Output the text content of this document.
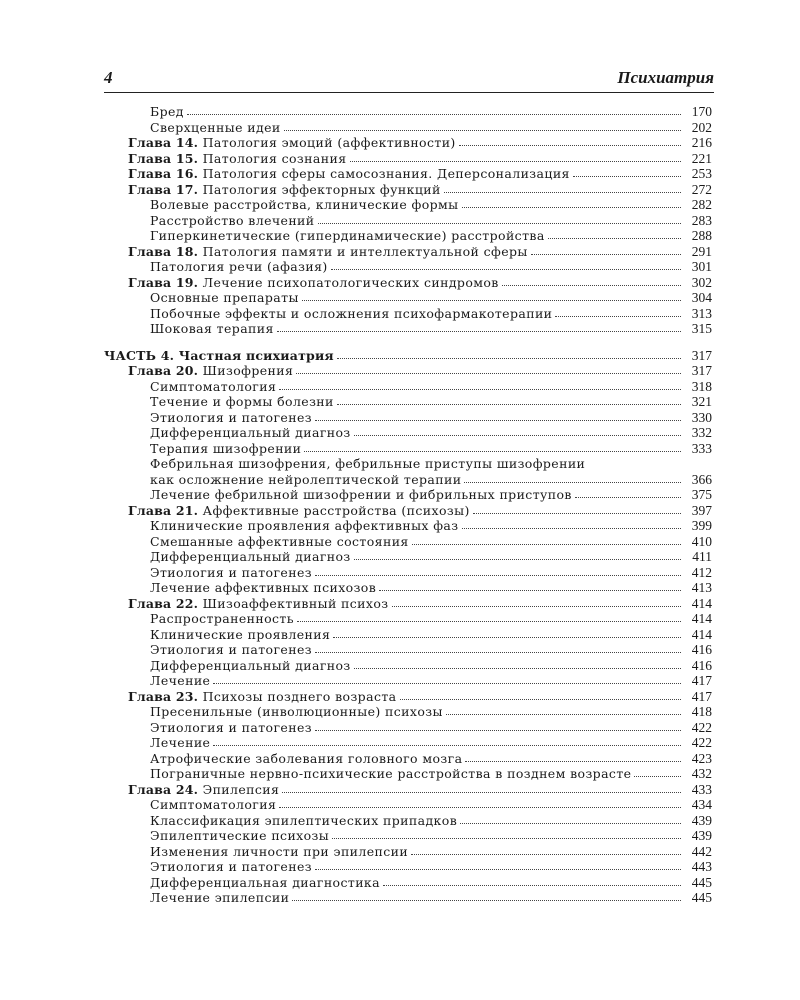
4	Психиатрия
Бред	170
Сверхценные идеи	202
Глава 14. Патология эмоций (аффективности)	216
Глава 15. Патология сознания	221
Глава 16. Патология сферы самосознания. Деперсонализация	253
Глава 17. Патология эффекторных функций	272
Волевые расстройства, клинические формы	282
Расстройство влечений	283
Гиперкинетические (гипердинамические) расстройства	288
Глава 18. Патология памяти и интеллектуальной сферы	291
Патология речи (афазия)	301
Глава 19. Лечение психопатологических синдромов	302
Основные препараты	304
Побочные эффекты и осложнения психофармакотерапии	313
Шоковая терапия	315
ЧАСТЬ 4. Частная психиатрия	317
Глава 20. Шизофрения	317
Симптоматология	318
Течение и формы болезни	321
Этиология и патогенез	330
Дифференциальный диагноз	332
Терапия шизофрении	333
Фебрильная шизофрения, фебрильные приступы шизофрении
как осложнение нейролептической терапии	366
Лечение фебрильной шизофрении и фибрильных приступов	375
Глава 21. Аффективные расстройства (психозы)	397
Клинические проявления аффективных фаз	399
Смешанные аффективные состояния	410
Дифференциальный диагноз	411
Этиология и патогенез	412
Лечение аффективных психозов	413
Глава 22. Шизоаффективный психоз	414
Распространенность	414
Клинические проявления	414
Этиология и патогенез	416
Дифференциальный диагноз	416
Лечение	417
Глава 23. Психозы позднего возраста	417
Пресенильные (инволюционные) психозы	418
Этиология и патогенез	422
Лечение	422
Атрофические заболевания головного мозга	423
Пограничные нервно-психические расстройства в позднем возрасте	432
Глава 24. Эпилепсия	433
Симптоматология	434
Классификация эпилептических припадков	439
Эпилептические психозы	439
Изменения личности при эпилепсии	442
Этиология и патогенез	443
Дифференциальная диагностика	445
Лечение эпилепсии	445
